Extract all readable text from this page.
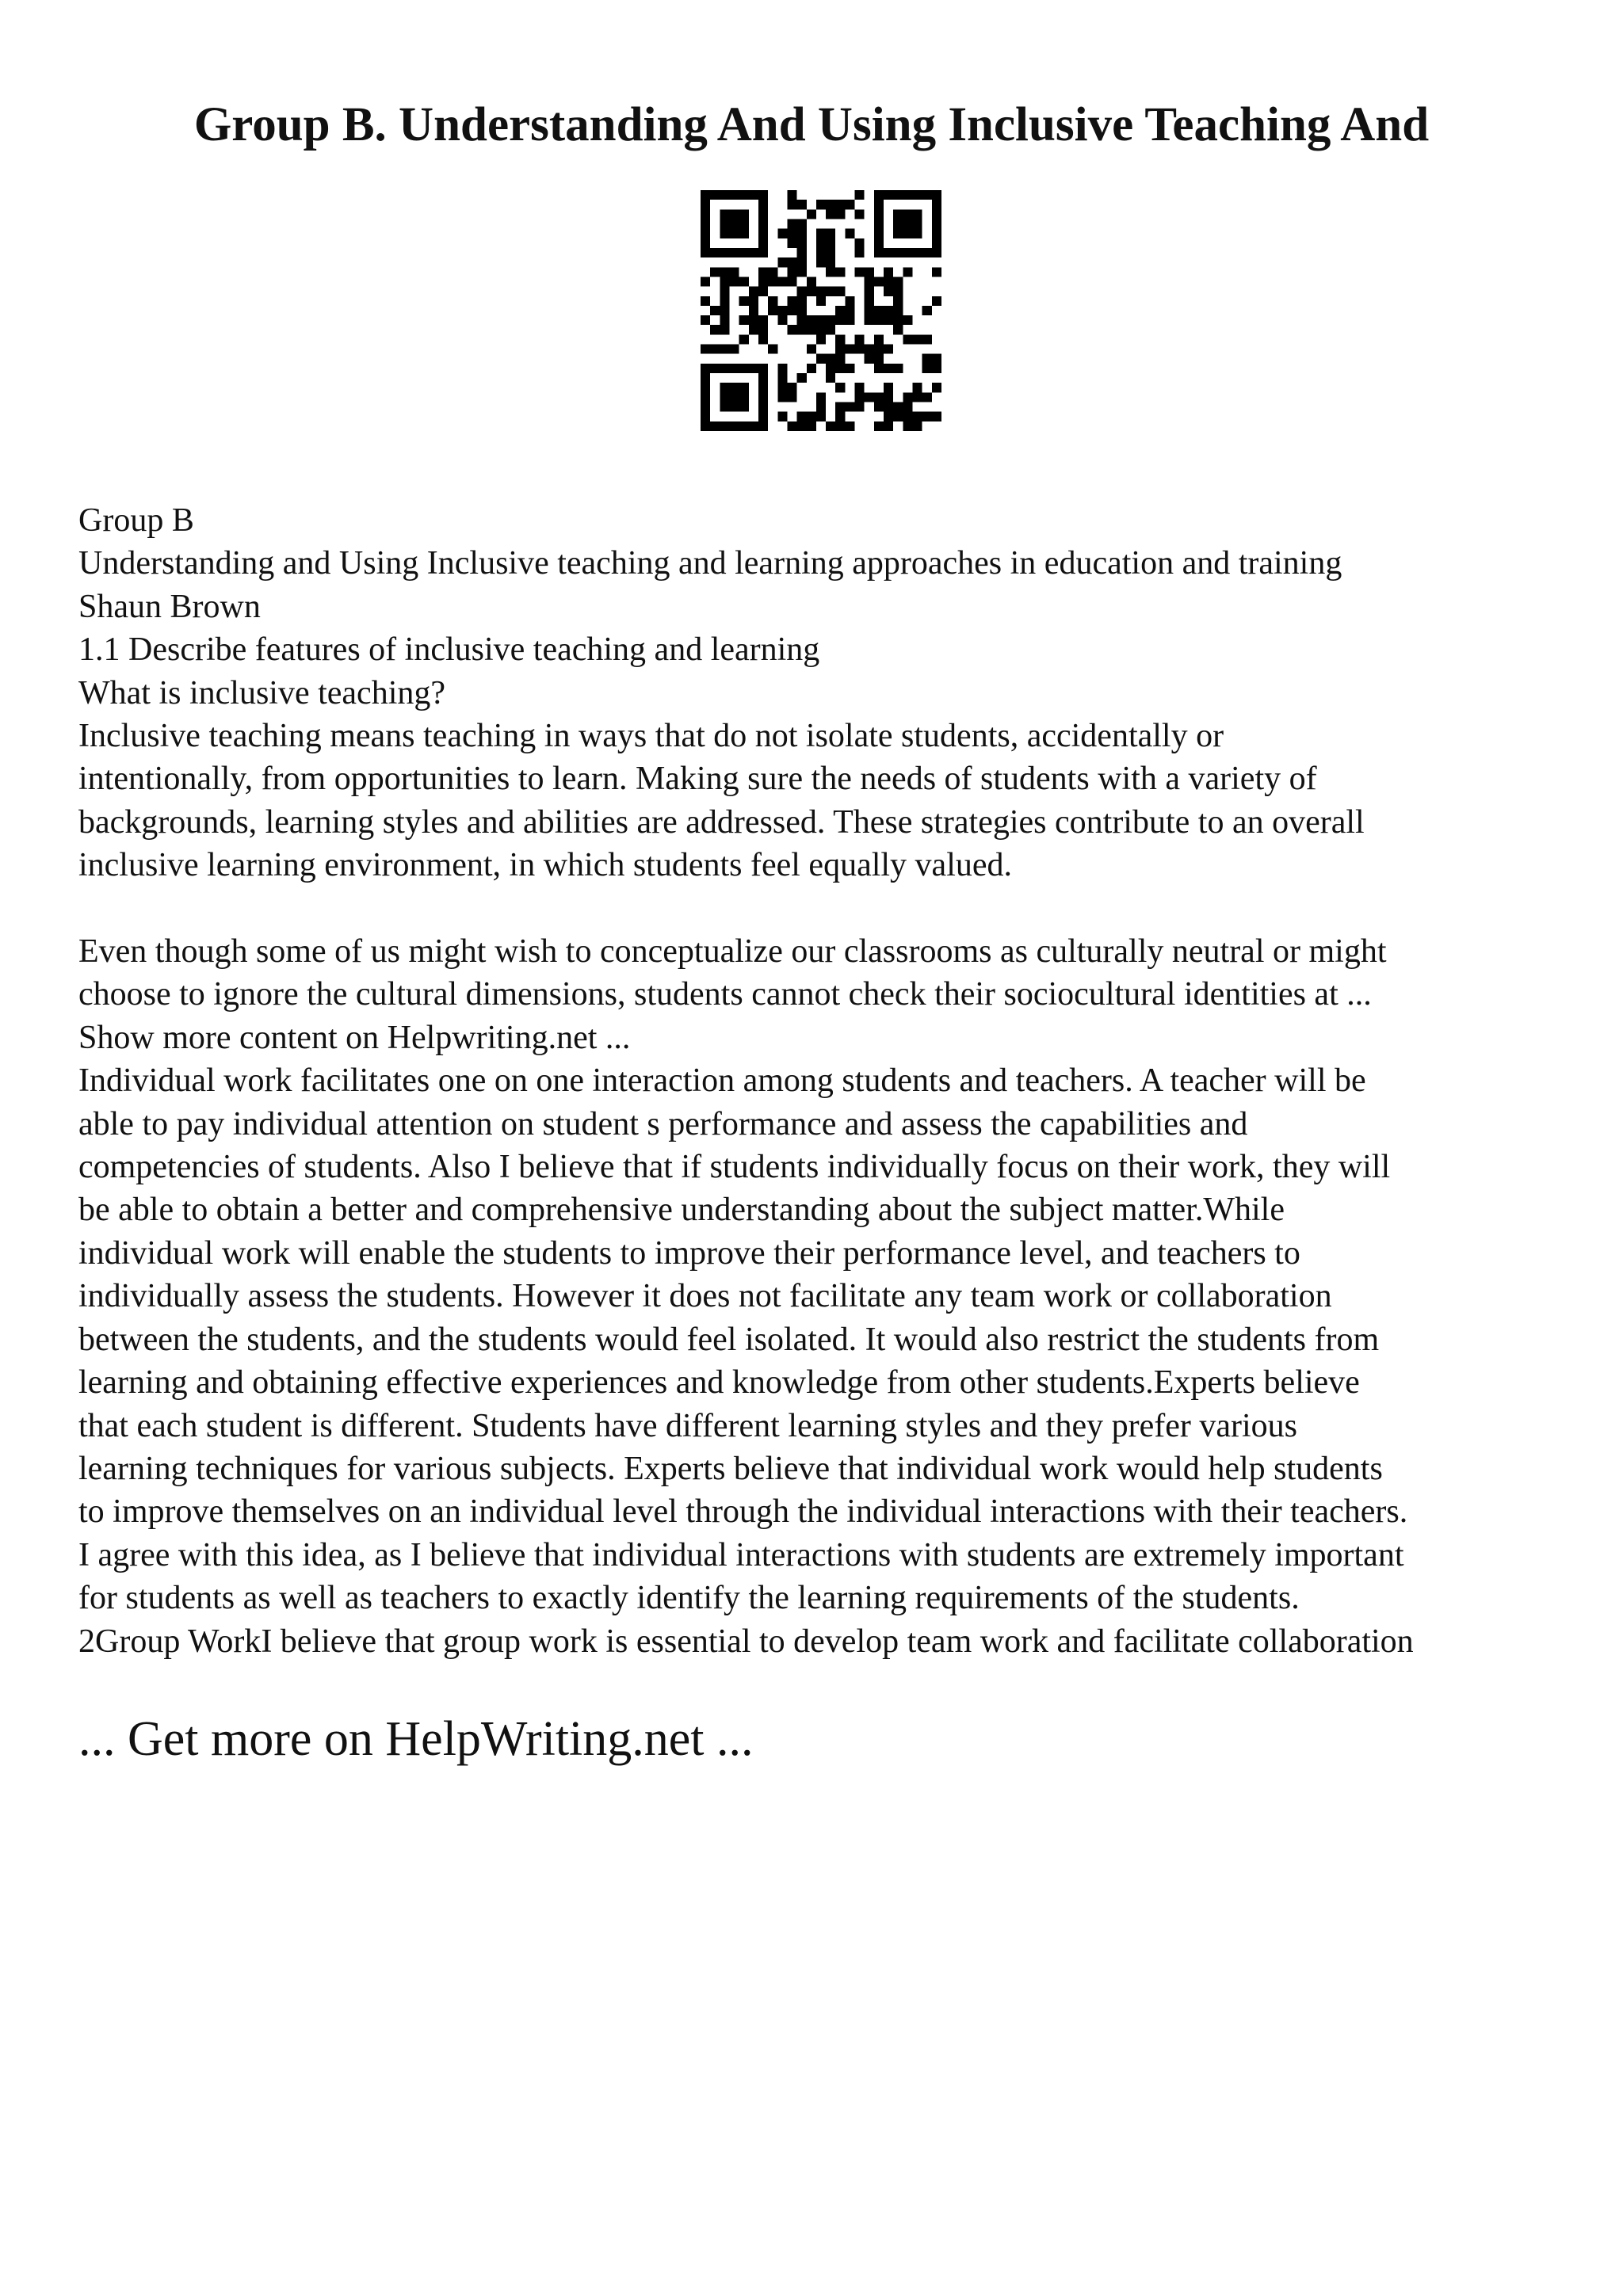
Group B. Understanding And Using Inclusive Teaching And
Group B
Understanding and Using Inclusive teaching and learning approaches in education and training
Shaun Brown
1.1 Describe features of inclusive teaching and learning
What is inclusive teaching?
Inclusive teaching means teaching in ways that do not isolate students, accidentally or
intentionally, from opportunities to learn. Making sure the needs of students with a variety of
backgrounds, learning styles and abilities are addressed. These strategies contribute to an overall
inclusive learning environment, in which students feel equally valued.
Even though some of us might wish to conceptualize our classrooms as culturally neutral or might
choose to ignore the cultural dimensions, students cannot check their sociocultural identities at ...
Show more content on Helpwriting.net ...
Individual work facilitates one on one interaction among students and teachers. A teacher will be
able to pay individual attention on student s performance and assess the capabilities and
competencies of students. Also I believe that if students individually focus on their work, they will
be able to obtain a better and comprehensive understanding about the subject matter.While
individual work will enable the students to improve their performance level, and teachers to
individually assess the students. However it does not facilitate any team work or collaboration
between the students, and the students would feel isolated. It would also restrict the students from
learning and obtaining effective experiences and knowledge from other students.Experts believe
that each student is different. Students have different learning styles and they prefer various
learning techniques for various subjects. Experts believe that individual work would help students
to improve themselves on an individual level through the individual interactions with their teachers.
I agree with this idea, as I believe that individual interactions with students are extremely important
for students as well as teachers to exactly identify the learning requirements of the students.
2Group WorkI believe that group work is essential to develop team work and facilitate collaboration
... Get more on HelpWriting.net ...
